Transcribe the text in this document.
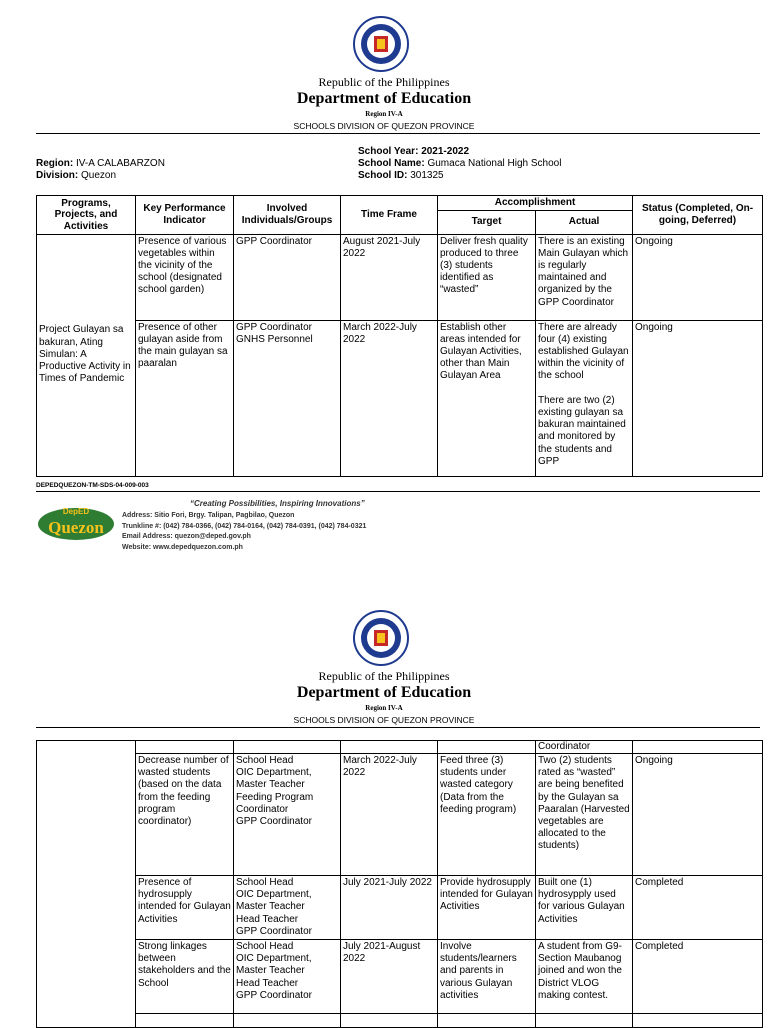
Republic of the Philippines
Department of Education
Region IV-A
SCHOOLS DIVISION OF QUEZON PROVINCE
Region: IV-A CALABARZON
Division: Quezon
School Year: 2021-2022
School Name: Gumaca National High School
School ID: 301325
Programs, Projects, and Activities	Key Performance Indicator	Involved Individuals/Groups	Time Frame	Accomplishment		Status (Completed, On-going, Deferred)
				Target	Actual	
Project Gulayan sa bakuran, Ating Simulan: A Productive Activity in Times of Pandemic	Presence of various vegetables within the vicinity of the school (designated school garden)	GPP Coordinator	August 2021-July 2022	Deliver fresh quality produced to three (3) students identified as “wasted”	There is an existing Main Gulayan which is regularly maintained and organized by the GPP Coordinator	Ongoing
	Presence of other gulayan aside from the main gulayan sa paaralan	GPP Coordinator
GNHS Personnel	March 2022-July 2022	Establish other areas intended for Gulayan Activities, other than Main Gulayan Area	There are already four (4) existing established Gulayan within the vicinity of the school

There are two (2) existing gulayan sa bakuran maintained and monitored by the students and GPP	Ongoing
DEPEDQUEZON-TM-SDS-04-009-003
DepED
Quezon
“Creating Possibilities, Inspiring Innovations”
Address: Sitio Fori, Brgy. Talipan, Pagbilao, Quezon
Trunkline #: (042) 784-0366, (042) 784-0164, (042) 784-0391, (042) 784-0321
Email Address: quezon@deped.gov.ph
Website: www.depedquezon.com.ph
Republic of the Philippines
Department of Education
Region IV-A
SCHOOLS DIVISION OF QUEZON PROVINCE
					Coordinator	
	Decrease number of wasted students (based on the data from the feeding program coordinator)	School Head
OIC Department, Master Teacher
Feeding Program Coordinator
GPP Coordinator	March 2022-July 2022	Feed three (3) students under wasted category (Data from the feeding program)	Two (2) students rated as “wasted” are being benefited by the Gulayan sa Paaralan (Harvested vegetables are allocated to the students)	Ongoing
	Presence of hydrosupply intended for Gulayan Activities	School Head
OIC Department, Master Teacher
Head Teacher
GPP Coordinator	July 2021-July 2022	Provide hydrosupply intended for Gulayan Activities	Built one (1) hydrosypply used for various Gulayan Activities	Completed
	Strong linkages between stakeholders and the School	School Head
OIC Department, Master Teacher
Head Teacher
GPP Coordinator	July 2021-August 2022	Involve students/learners and parents in various Gulayan activities	A student from G9-Section Maubanog joined and won the District VLOG making contest.	Completed
